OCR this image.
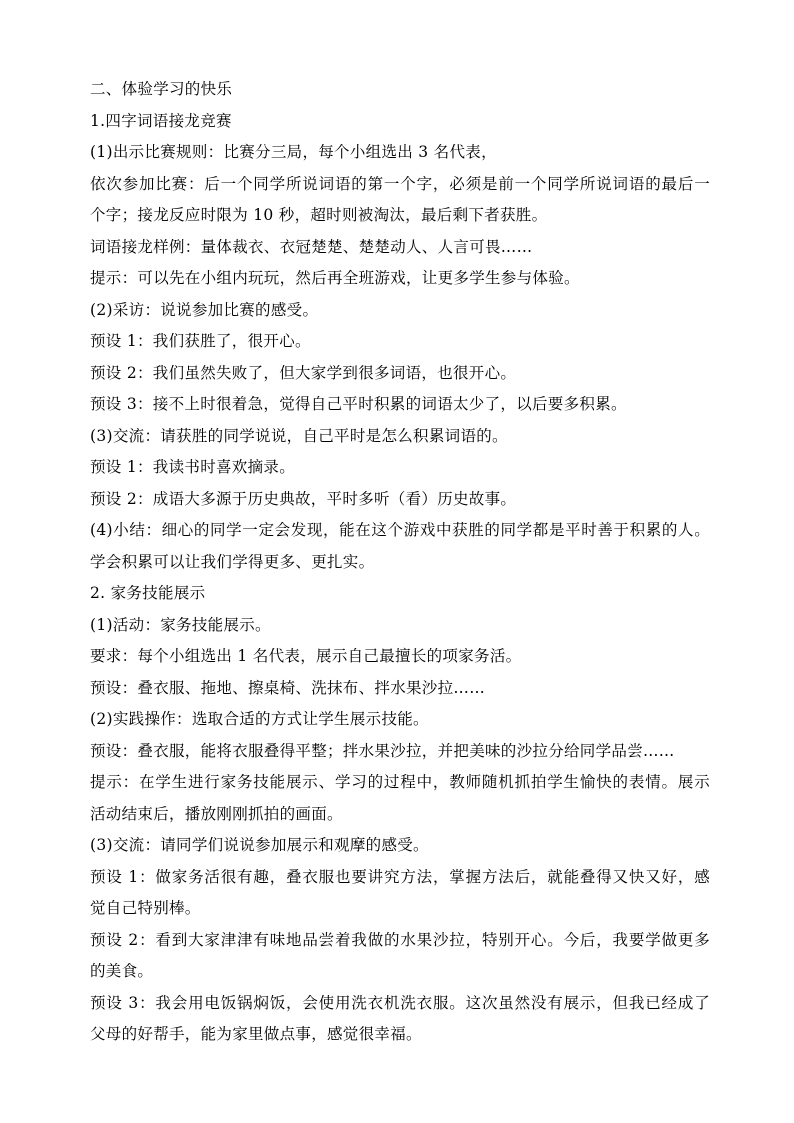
二、体验学习的快乐

1.四字词语接龙竞赛

(1)出示比赛规则：比赛分三局，每个小组选出 3 名代表，

依次参加比赛：后一个同学所说词语的第一个字，必须是前一个同学所说词语的最后一

个字；接龙反应时限为 10 秒，超时则被淘汰，最后剩下者获胜。

词语接龙样例：量体裁衣、衣冠楚楚、楚楚动人、人言可畏……

提示：可以先在小组内玩玩，然后再全班游戏，让更多学生参与体验。

(2)采访：说说参加比赛的感受。

预设 1：我们获胜了，很开心。

预设 2：我们虽然失败了，但大家学到很多词语，也很开心。

预设 3：接不上时很着急，觉得自己平时积累的词语太少了，以后要多积累。

(3)交流：请获胜的同学说说，自己平时是怎么积累词语的。

预设 1：我读书时喜欢摘录。

预设 2：成语大多源于历史典故，平时多听（看）历史故事。

(4)小结：细心的同学一定会发现，能在这个游戏中获胜的同学都是平时善于积累的人。

学会积累可以让我们学得更多、更扎实。

2. 家务技能展示

(1)活动：家务技能展示。

要求：每个小组选出 1 名代表，展示自己最擅长的项家务活。

预设：叠衣服、拖地、擦桌椅、洗抹布、拌水果沙拉……

(2)实践操作：选取合适的方式让学生展示技能。

预设：叠衣服，能将衣服叠得平整；拌水果沙拉，并把美味的沙拉分给同学品尝……

提示：在学生进行家务技能展示、学习的过程中，教师随机抓拍学生愉快的表情。展示

活动结束后，播放刚刚抓拍的画面。

(3)交流：请同学们说说参加展示和观摩的感受。

预设 1：做家务活很有趣，叠衣服也要讲究方法，掌握方法后，就能叠得又快又好，感

觉自己特别棒。

预设 2：看到大家津津有味地品尝着我做的水果沙拉，特别开心。今后，我要学做更多

的美食。

预设 3：我会用电饭锅焖饭，会使用洗衣机洗衣服。这次虽然没有展示，但我已经成了

父母的好帮手，能为家里做点事，感觉很幸福。
